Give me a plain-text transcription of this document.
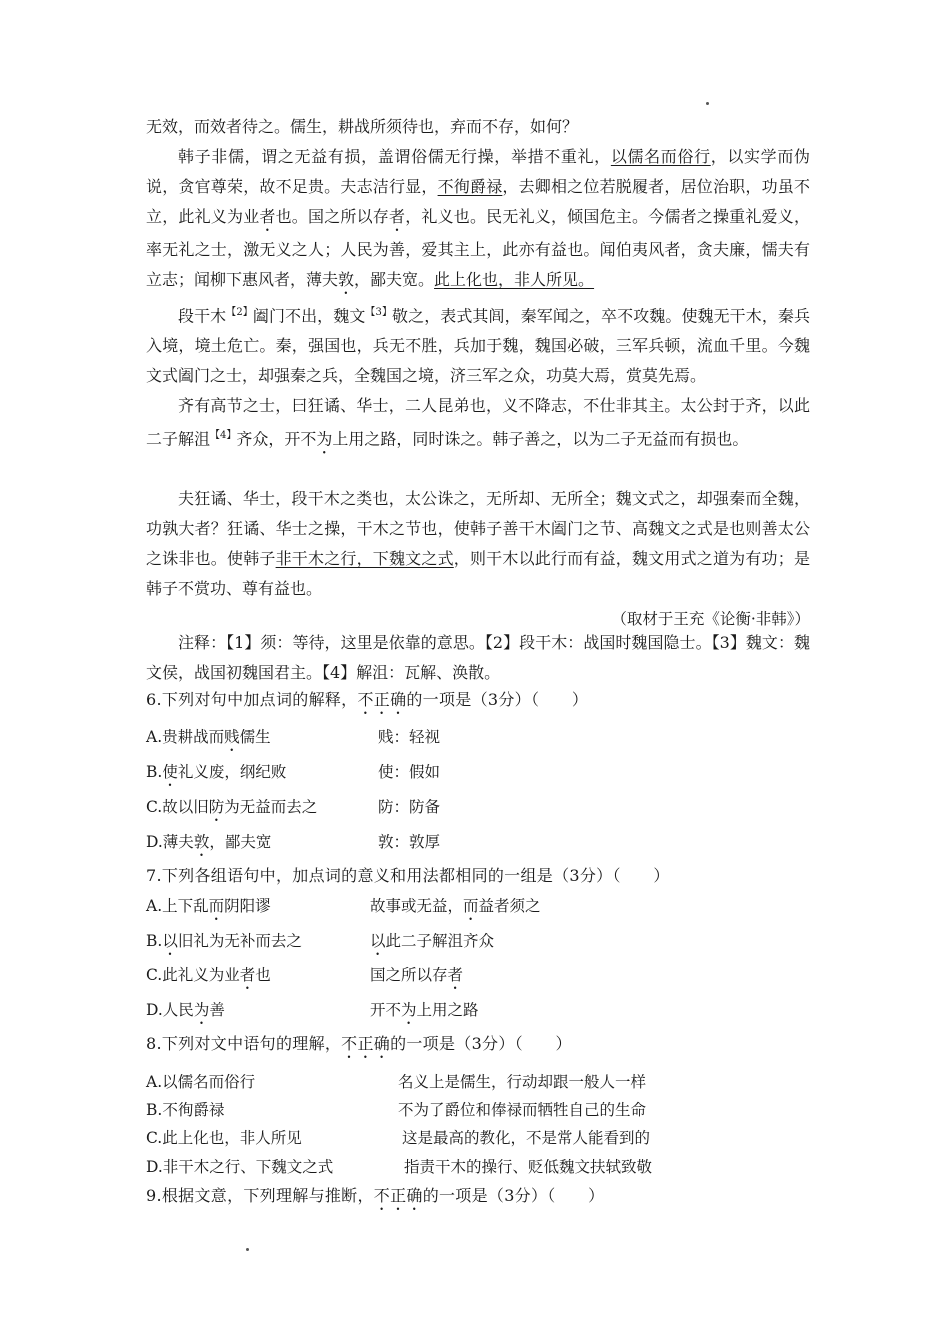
无效，而效者待之。儒生，耕战所须待也，弃而不存，如何？

韩子非儒，谓之无益有损，盖谓俗儒无行操，举措不重礼，以儒名而俗行，以实学而伪说，贪官尊荣，故不足贵。夫志洁行显，不徇爵禄，去卿相之位若脱履者，居位治职，功虽不立，此礼义为业者也。国之所以存者，礼义也。民无礼义，倾国危主。今儒者之操重礼爱义，率无礼之士，激无义之人；人民为善，爱其主上，此亦有益也。闻伯夷风者，贪夫廉，懦夫有立志；闻柳下惠风者，薄夫敦，鄙夫宽。此上化也，非人所见。

段干木$^{【2】}$阖门不出，魏文$^{【3】}$敬之，表式其闾，秦军闻之，卒不攻魏。使魏无干木，秦兵入境，境土危亡。秦，强国也，兵无不胜，兵加于魏，魏国必破，三军兵顿，流血千里。今魏文式阖门之士，却强秦之兵，全魏国之境，济三军之众，功莫大焉，赏莫先焉。

齐有高节之士，曰狂谲、华士，二人昆弟也，义不降志，不仕非其主。太公封于齐，以此二子解沮$^{【4】}$齐众，开不为上用之路，同时诛之。韩子善之，以为二子无益而有损也。

夫狂谲、华士，段干木之类也，太公诛之，无所却、无所全；魏文式之，却强秦而全魏，功孰大者？狂谲、华士之操，干木之节也，使韩子善干木阖门之节、高魏文之式是也则善太公之诛非也。使韩子非干木之行，下魏文之式，则干木以此行而有益，魏文用式之道为有功；是韩子不赏功、尊有益也。

（取材于王充《论衡·非韩》）

注释：【1】须：等待，这里是依靠的意思。【2】段干木：战国时魏国隐士。【3】魏文：魏文侯，战国初魏国君主。【4】解沮：瓦解、涣散。

6.下列对句中加点词的解释，不正确的一项是（3分）（　　）
A.贵耕战而贱儒生	贱：轻视
B.使礼义废，纲纪败	使：假如
C.故以旧防为无益而去之	防：防备
D.薄夫敦，鄙夫宽	敦：敦厚
7.下列各组语句中，加点词的意义和用法都相同的一组是（3分）（　　）
A.上下乱而阴阳谬	故事或无益，而益者须之
B.以旧礼为无补而去之	以此二子解沮齐众
C.此礼义为业者也	国之所以存者
D.人民为善	开不为上用之路
8.下列对文中语句的理解，不正确的一项是（3分）（　　）
A.以儒名而俗行	名义上是儒生，行动却跟一般人一样
B.不徇爵禄	不为了爵位和俸禄而牺牲自己的生命
C.此上化也，非人所见	这是最高的教化，不是常人能看到的
D.非干木之行、下魏文之式	指责干木的操行、贬低魏文扶轼致敬
9.根据文意，下列理解与推断，不正确的一项是（3分）（　　）
